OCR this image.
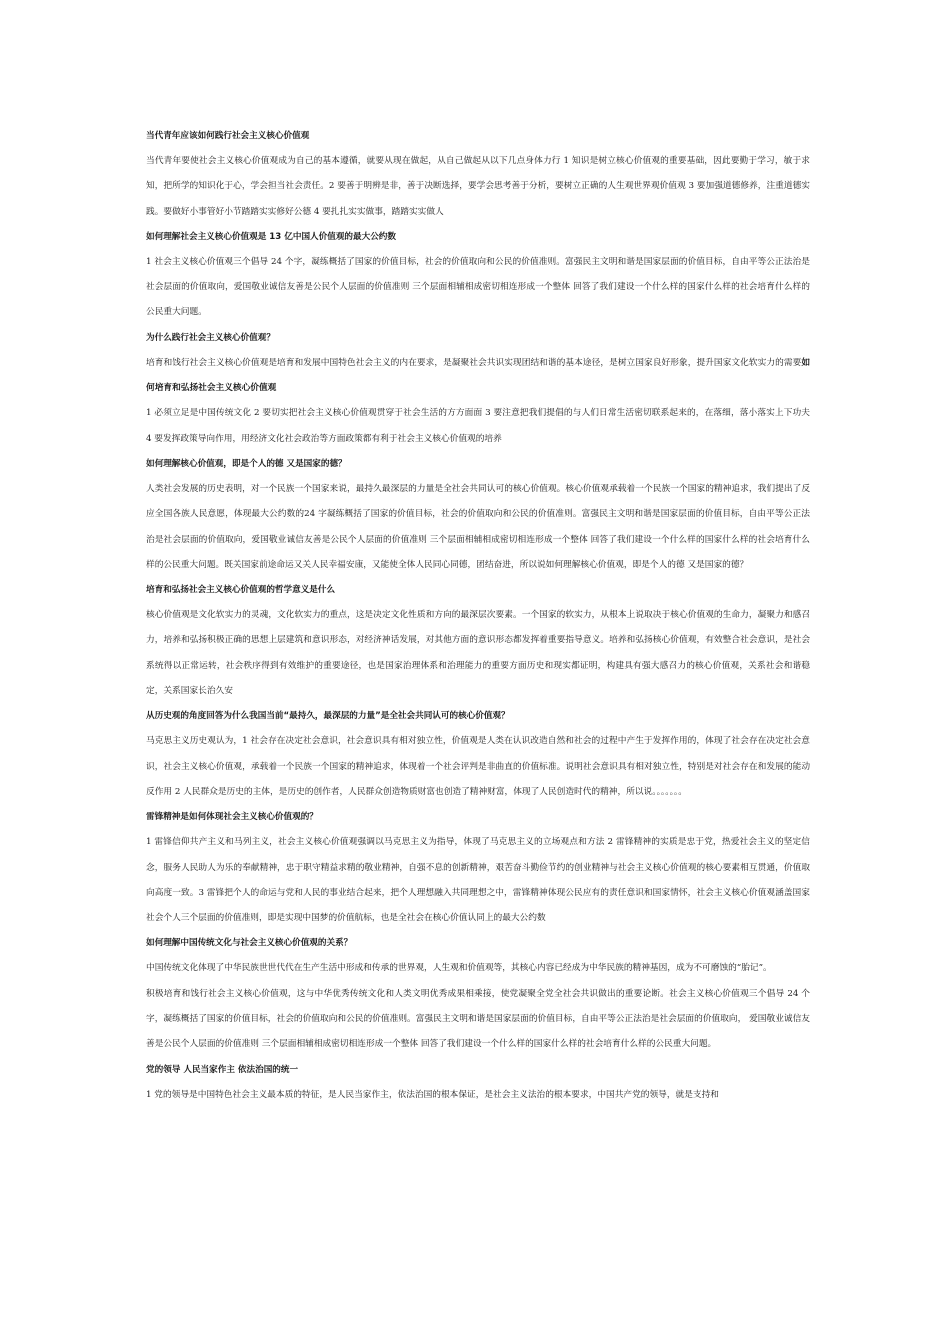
当代青年应该如何践行社会主义核心价值观

当代青年要使社会主义核心价值观成为自己的基本遵循，就要从现在做起，从自己做起从以下几点身体力行 1 知识是树立核心价值观的重要基础，因此要勤于学习，敏于求知，把所学的知识化于心，学会担当社会责任。2 要善于明辨是非，善于决断选择，要学会思考善于分析，要树立正确的人生观世界观价值观 3 要加强道德修养，注重道德实践。要做好小事管好小节踏踏实实修好公德 4 要扎扎实实做事，踏踏实实做人

如何理解社会主义核心价值观是 13 亿中国人价值观的最大公约数

1 社会主义核心价值观三个倡导 24 个字，凝练概括了国家的价值目标，社会的价值取向和公民的价值准则。富强民主文明和谐是国家层面的价值目标，自由平等公正法治是社会层面的价值取向，爱国敬业诚信友善是公民个人层面的价值准则 三个层面相辅相成密切相连形成一个整体 回答了我们建设一个什么样的国家什么样的社会培育什么样的公民重大问题。

为什么践行社会主义核心价值观？

培育和饯行社会主义核心价值观是培育和发展中国特色社会主义的内在要求，是凝聚社会共识实现团结和谐的基本途径，是树立国家良好形象，提升国家文化软实力的需要如何培育和弘扬社会主义核心价值观

1 必须立足是中国传统文化 2 要切实把社会主义核心价值观贯穿于社会生活的方方面面 3 要注意把我们提倡的与人们日常生活密切联系起来的，在落细，落小落实上下功夫 4 要发挥政策导向作用，用经济文化社会政治等方面政策都有利于社会主义核心价值观的培养

如何理解核心价值观，即是个人的德 又是国家的德？

人类社会发展的历史表明，对一个民族一个国家来说，最持久最深层的力量是全社会共同认可的核心价值观。核心价值观承载着一个民族一个国家的精神追求，我们提出了反应全国各族人民意愿，体现最大公约数的24 字凝练概括了国家的价值目标，社会的价值取向和公民的价值准则。富强民主文明和谐是国家层面的价值目标，自由平等公正法治是社会层面的价值取向，爱国敬业诚信友善是公民个人层面的价值准则 三个层面相辅相成密切相连形成一个整体 回答了我们建设一个什么样的国家什么样的社会培育什么样的公民重大问题。既关国家前途命运又关人民幸福安康，又能使全体人民同心同德，团结奋进，所以说如何理解核心价值观，即是个人的德 又是国家的德？

培育和弘扬社会主义核心价值观的哲学意义是什么

核心价值观是文化软实力的灵魂，文化软实力的重点，这是决定文化性质和方向的最深层次要素。一个国家的软实力，从根本上说取决于核心价值观的生命力，凝聚力和感召力，培养和弘扬积极正确的思想上层建筑和意识形态，对经济神话发展，对其他方面的意识形态都发挥着重要指导意义。培养和弘扬核心价值观，有效整合社会意识，是社会系统得以正常运转，社会秩序得到有效维护的重要途径，也是国家治理体系和治理能力的重要方面历史和现实都证明，构建具有强大感召力的核心价值观，关系社会和谐稳定，关系国家长治久安

从历史观的角度回答为什么我国当前“最持久，最深层的力量”是全社会共同认可的核心价值观？

马克思主义历史观认为，1 社会存在决定社会意识，社会意识具有相对独立性，价值观是人类在认识改造自然和社会的过程中产生于发挥作用的，体现了社会存在决定社会意识，社会主义核心价值观，承载着一个民族一个国家的精神追求，体现着一个社会评判是非曲直的价值标准。说明社会意识具有相对独立性，特别是对社会存在和发展的能动反作用 2 人民群众是历史的主体，是历史的创作者，人民群众创造物质财富也创造了精神财富，体现了人民创造时代的精神，所以说。。。。。。。

雷锋精神是如何体现社会主义核心价值观的？

1 雷锋信仰共产主义和马列主义，社会主义核心价值观强调以马克思主义为指导，体现了马克思主义的立场观点和方法 2 雷锋精神的实质是忠于党，热爱社会主义的坚定信念，服务人民助人为乐的奉献精神，忠于职守精益求精的敬业精神，自强不息的创新精神，艰苦奋斗勤俭节约的创业精神与社会主义核心价值观的核心要素相互贯通，价值取向高度一致。3 雷锋把个人的命运与党和人民的事业结合起来，把个人理想融入共同理想之中，雷锋精神体现公民应有的责任意识和国家情怀，社会主义核心价值观涵盖国家社会个人三个层面的价值准则，即是实现中国梦的价值航标，也是全社会在核心价值认同上的最大公约数

如何理解中国传统文化与社会主义核心价值观的关系？

中国传统文化体现了中华民族世世代代在生产生活中形成和传承的世界观，人生观和价值观等，其核心内容已经成为中华民族的精神基因，成为不可磨蚀的“胎记”。

积极培育和饯行社会主义核心价值观，这与中华优秀传统文化和人类文明优秀成果相乘接，使党凝聚全党全社会共识做出的重要论断。社会主义核心价值观三个倡导 24 个字，凝练概括了国家的价值目标，社会的价值取向和公民的价值准则。富强民主文明和谐是国家层面的价值目标，自由平等公正法治是社会层面的价值取向， 爱国敬业诚信友善是公民个人层面的价值准则 三个层面相辅相成密切相连形成一个整体 回答了我们建设一个什么样的国家什么样的社会培育什么样的公民重大问题。

党的领导 人民当家作主 依法治国的统一

1 党的领导是中国特色社会主义最本质的特征，是人民当家作主，依法治国的根本保证，是社会主义法治的根本要求，中国共产党的领导，就是支持和
